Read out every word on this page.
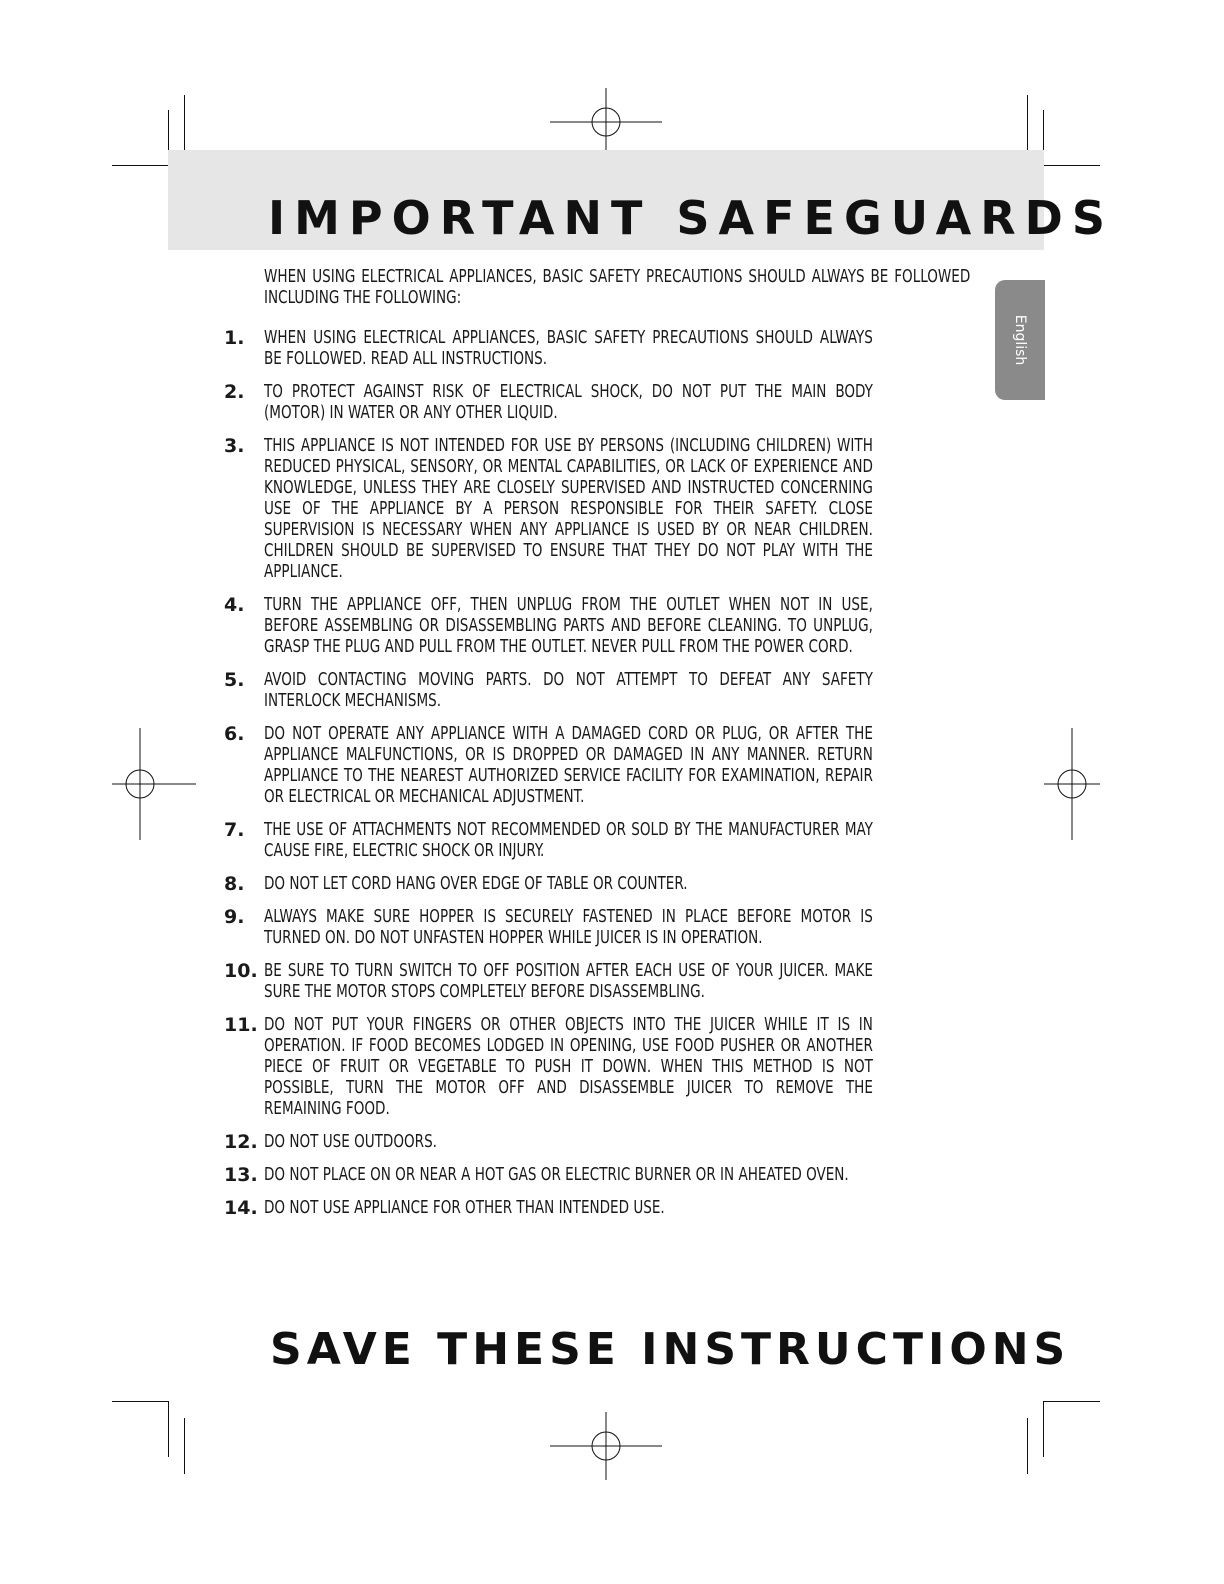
IMPORTANT SAFEGUARDS
English
WHEN USING ELECTRICAL APPLIANCES, BASIC SAFETY PRECAUTIONS SHOULD ALWAYS BE FOLLOWED INCLUDING THE FOLLOWING:
1.	WHEN USING ELECTRICAL APPLIANCES, BASIC SAFETY PRECAUTIONS SHOULD ALWAYS BE FOLLOWED. READ ALL INSTRUCTIONS.
2.	TO PROTECT AGAINST RISK OF ELECTRICAL SHOCK, DO NOT PUT THE MAIN BODY (MOTOR) IN WATER OR ANY OTHER LIQUID.
3.	THIS APPLIANCE IS NOT INTENDED FOR USE BY PERSONS (INCLUDING CHILDREN) WITH REDUCED PHYSICAL, SENSORY, OR MENTAL CAPABILITIES, OR LACK OF EXPERIENCE AND KNOWLEDGE, UNLESS THEY ARE CLOSELY SUPERVISED AND INSTRUCTED CONCERNING USE OF THE APPLIANCE BY A PERSON RESPONSIBLE FOR THEIR SAFETY. CLOSE SUPERVISION IS NECESSARY WHEN ANY APPLIANCE IS USED BY OR NEAR CHILDREN. CHILDREN SHOULD BE SUPERVISED TO ENSURE THAT THEY DO NOT PLAY WITH THE APPLIANCE.
4.	TURN THE APPLIANCE OFF, THEN UNPLUG FROM THE OUTLET WHEN NOT IN USE, BEFORE ASSEMBLING OR DISASSEMBLING PARTS AND BEFORE CLEANING. TO UNPLUG, GRASP THE PLUG AND PULL FROM THE OUTLET. NEVER PULL FROM THE POWER CORD.
5.	AVOID CONTACTING MOVING PARTS. DO NOT ATTEMPT TO DEFEAT ANY SAFETY INTERLOCK MECHANISMS.
6.	DO NOT OPERATE ANY APPLIANCE WITH A DAMAGED CORD OR PLUG, OR AFTER THE APPLIANCE MALFUNCTIONS, OR IS DROPPED OR DAMAGED IN ANY MANNER. RETURN APPLIANCE TO THE NEAREST AUTHORIZED SERVICE FACILITY FOR EXAMINATION, REPAIR OR ELECTRICAL OR MECHANICAL ADJUSTMENT.
7.	THE USE OF ATTACHMENTS NOT RECOMMENDED OR SOLD BY THE MANUFACTURER MAY CAUSE FIRE, ELECTRIC SHOCK OR INJURY.
8.	DO NOT LET CORD HANG OVER EDGE OF TABLE OR COUNTER.
9.	ALWAYS MAKE SURE HOPPER IS SECURELY FASTENED IN PLACE BEFORE MOTOR IS TURNED ON. DO NOT UNFASTEN HOPPER WHILE JUICER IS IN OPERATION.
10. BE SURE TO TURN SWITCH TO OFF POSITION AFTER EACH USE OF YOUR JUICER. MAKE SURE THE MOTOR STOPS COMPLETELY BEFORE DISASSEMBLING.
11. DO NOT PUT YOUR FINGERS OR OTHER OBJECTS INTO THE JUICER WHILE IT IS IN OPERATION. IF FOOD BECOMES LODGED IN OPENING, USE FOOD PUSHER OR ANOTHER PIECE OF FRUIT OR VEGETABLE TO PUSH IT DOWN. WHEN THIS METHOD IS NOT POSSIBLE, TURN THE MOTOR OFF AND DISASSEMBLE JUICER TO REMOVE THE REMAINING FOOD.
12. DO NOT USE OUTDOORS.
13. DO NOT PLACE ON OR NEAR A HOT GAS OR ELECTRIC BURNER OR IN AHEATED OVEN.
14. DO NOT USE APPLIANCE FOR OTHER THAN INTENDED USE.
SAVE THESE INSTRUCTIONS
